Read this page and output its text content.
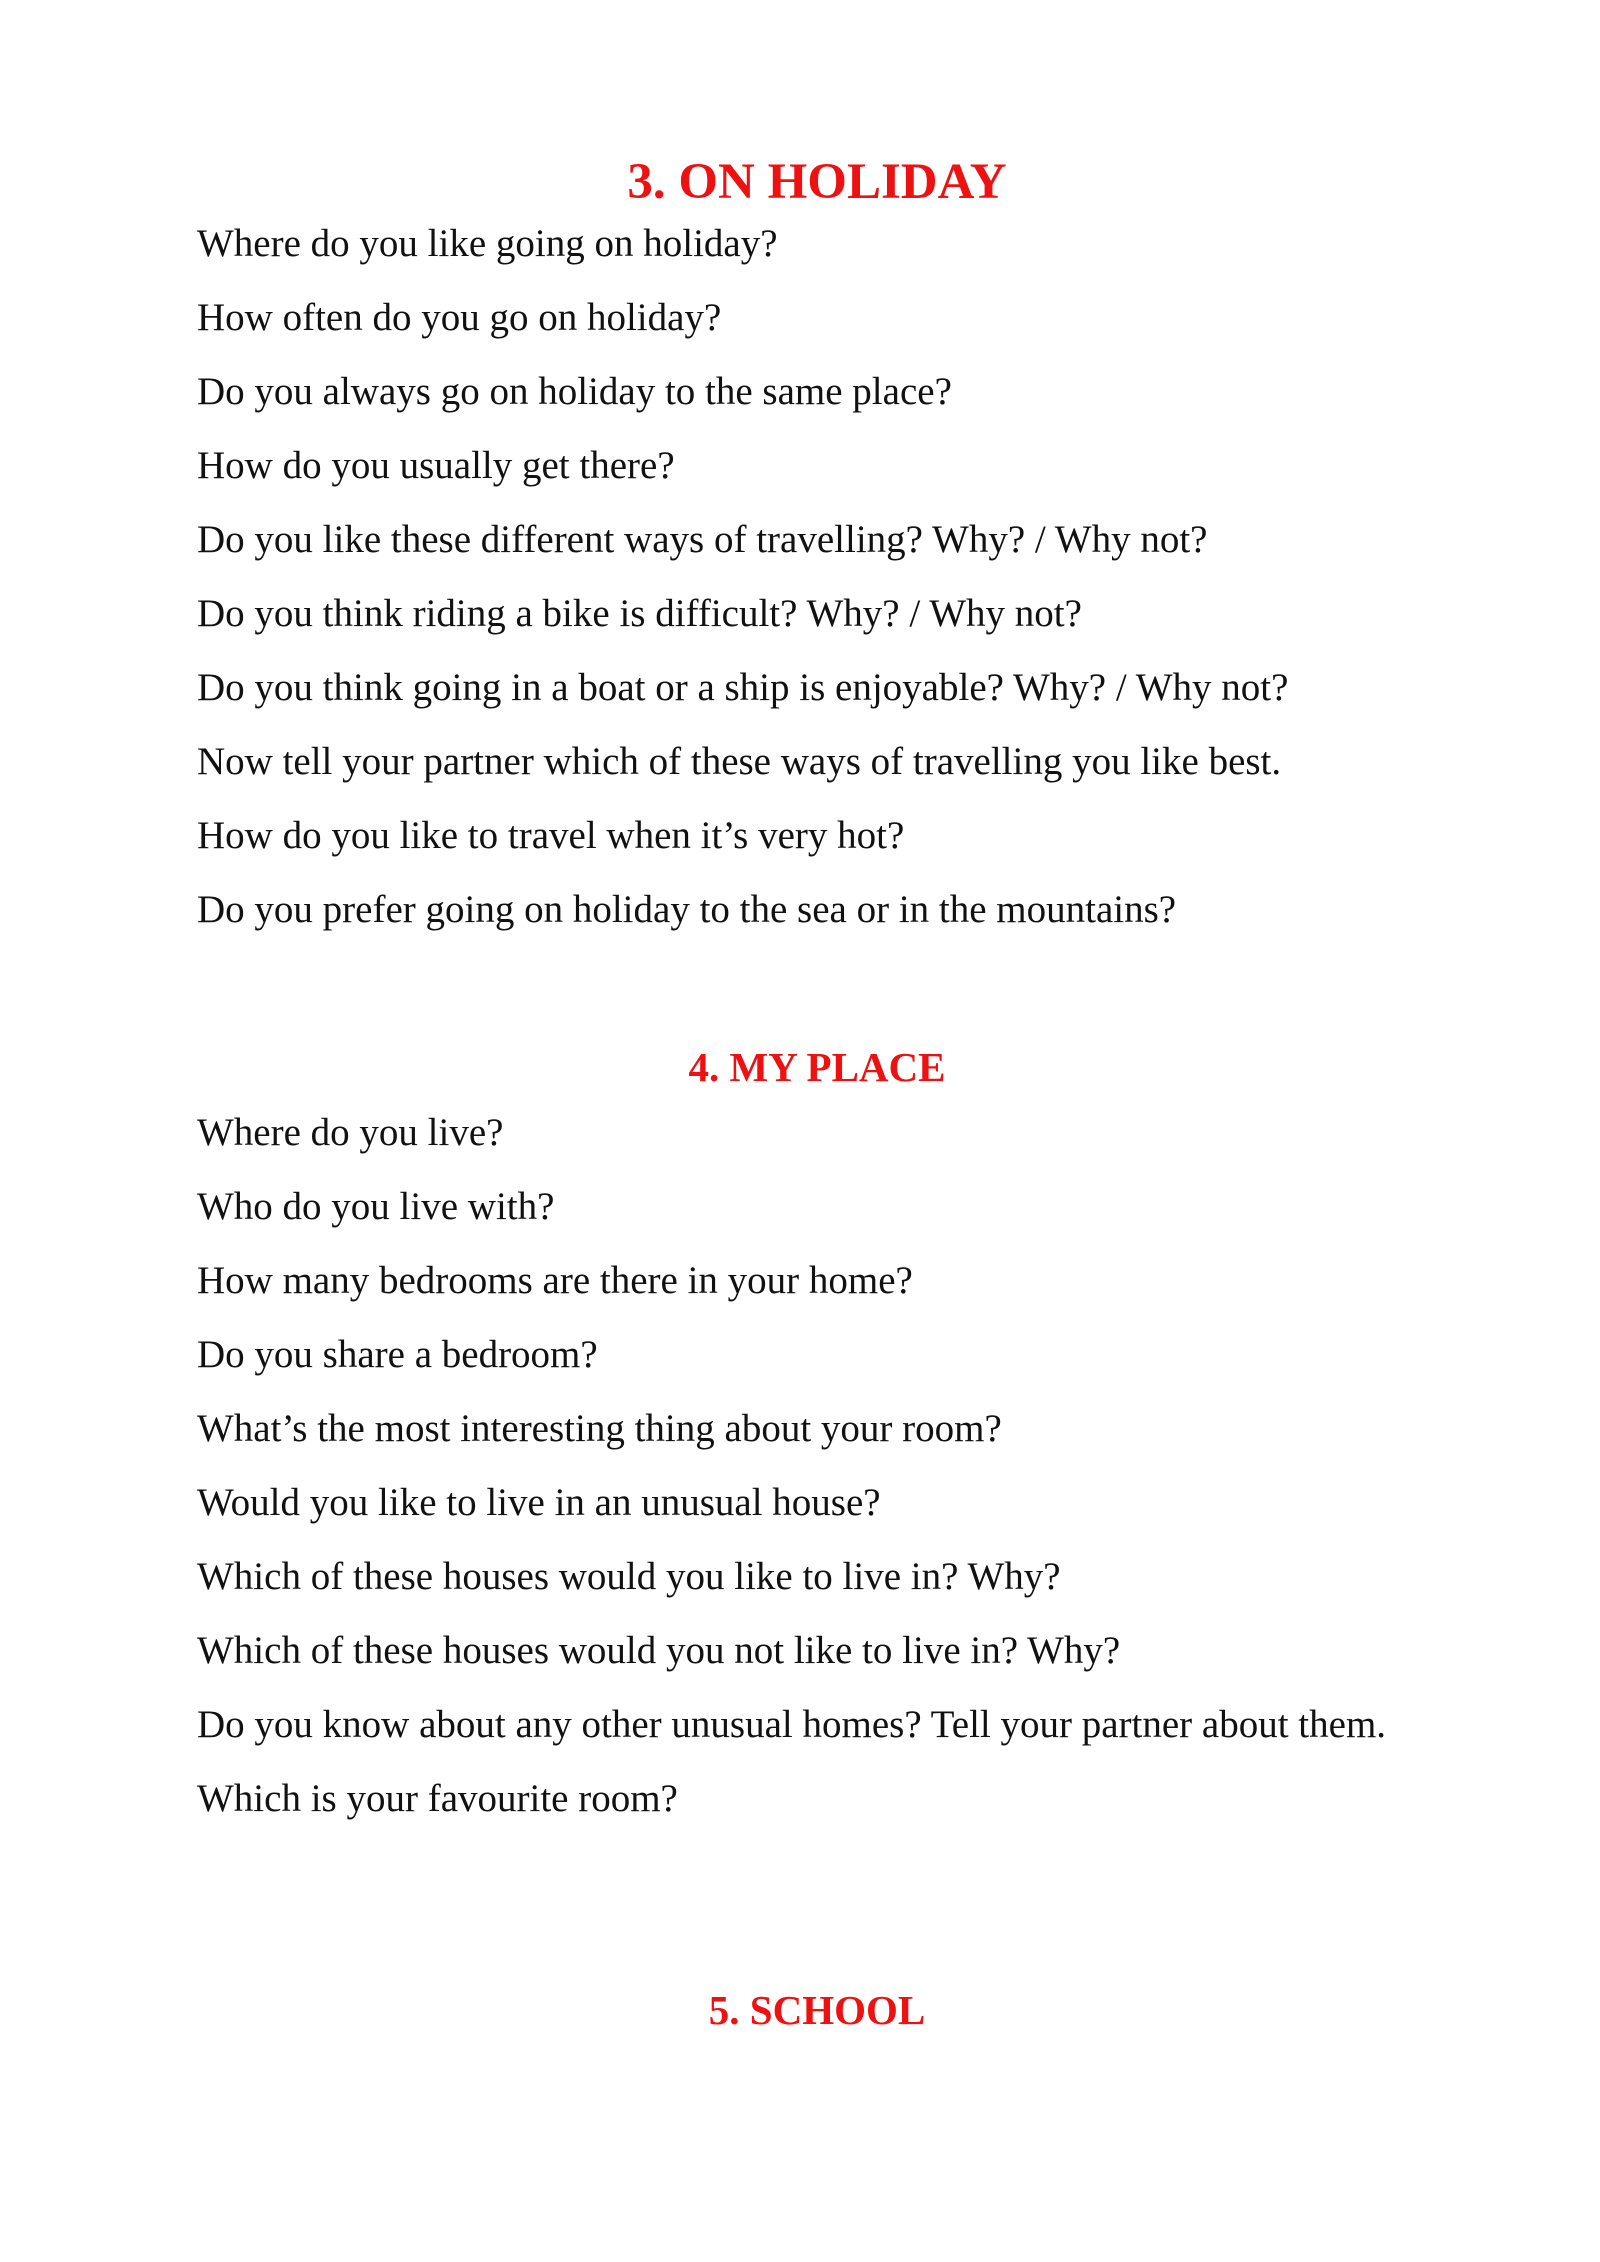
3. ON HOLIDAY
Where do you like going on holiday?
How often do you go on holiday?
Do you always go on holiday to the same place?
How do you usually get there?
Do you like these different ways of travelling? Why? / Why not?
Do you think riding a bike is difficult? Why? / Why not?
Do you think going in a boat or a ship is enjoyable? Why? / Why not?
Now tell your partner which of these ways of travelling you like best.
How do you like to travel when it’s very hot?
Do you prefer going on holiday to the sea or in the mountains?
4. MY PLACE
Where do you live?
Who do you live with?
How many bedrooms are there in your home?
Do you share a bedroom?
What’s the most interesting thing about your room?
Would you like to live in an unusual house?
Which of these houses would you like to live in? Why?
Which of these houses would you not like to live in? Why?
Do you know about any other unusual homes? Tell your partner about them.
Which is your favourite room?
5. SCHOOL
